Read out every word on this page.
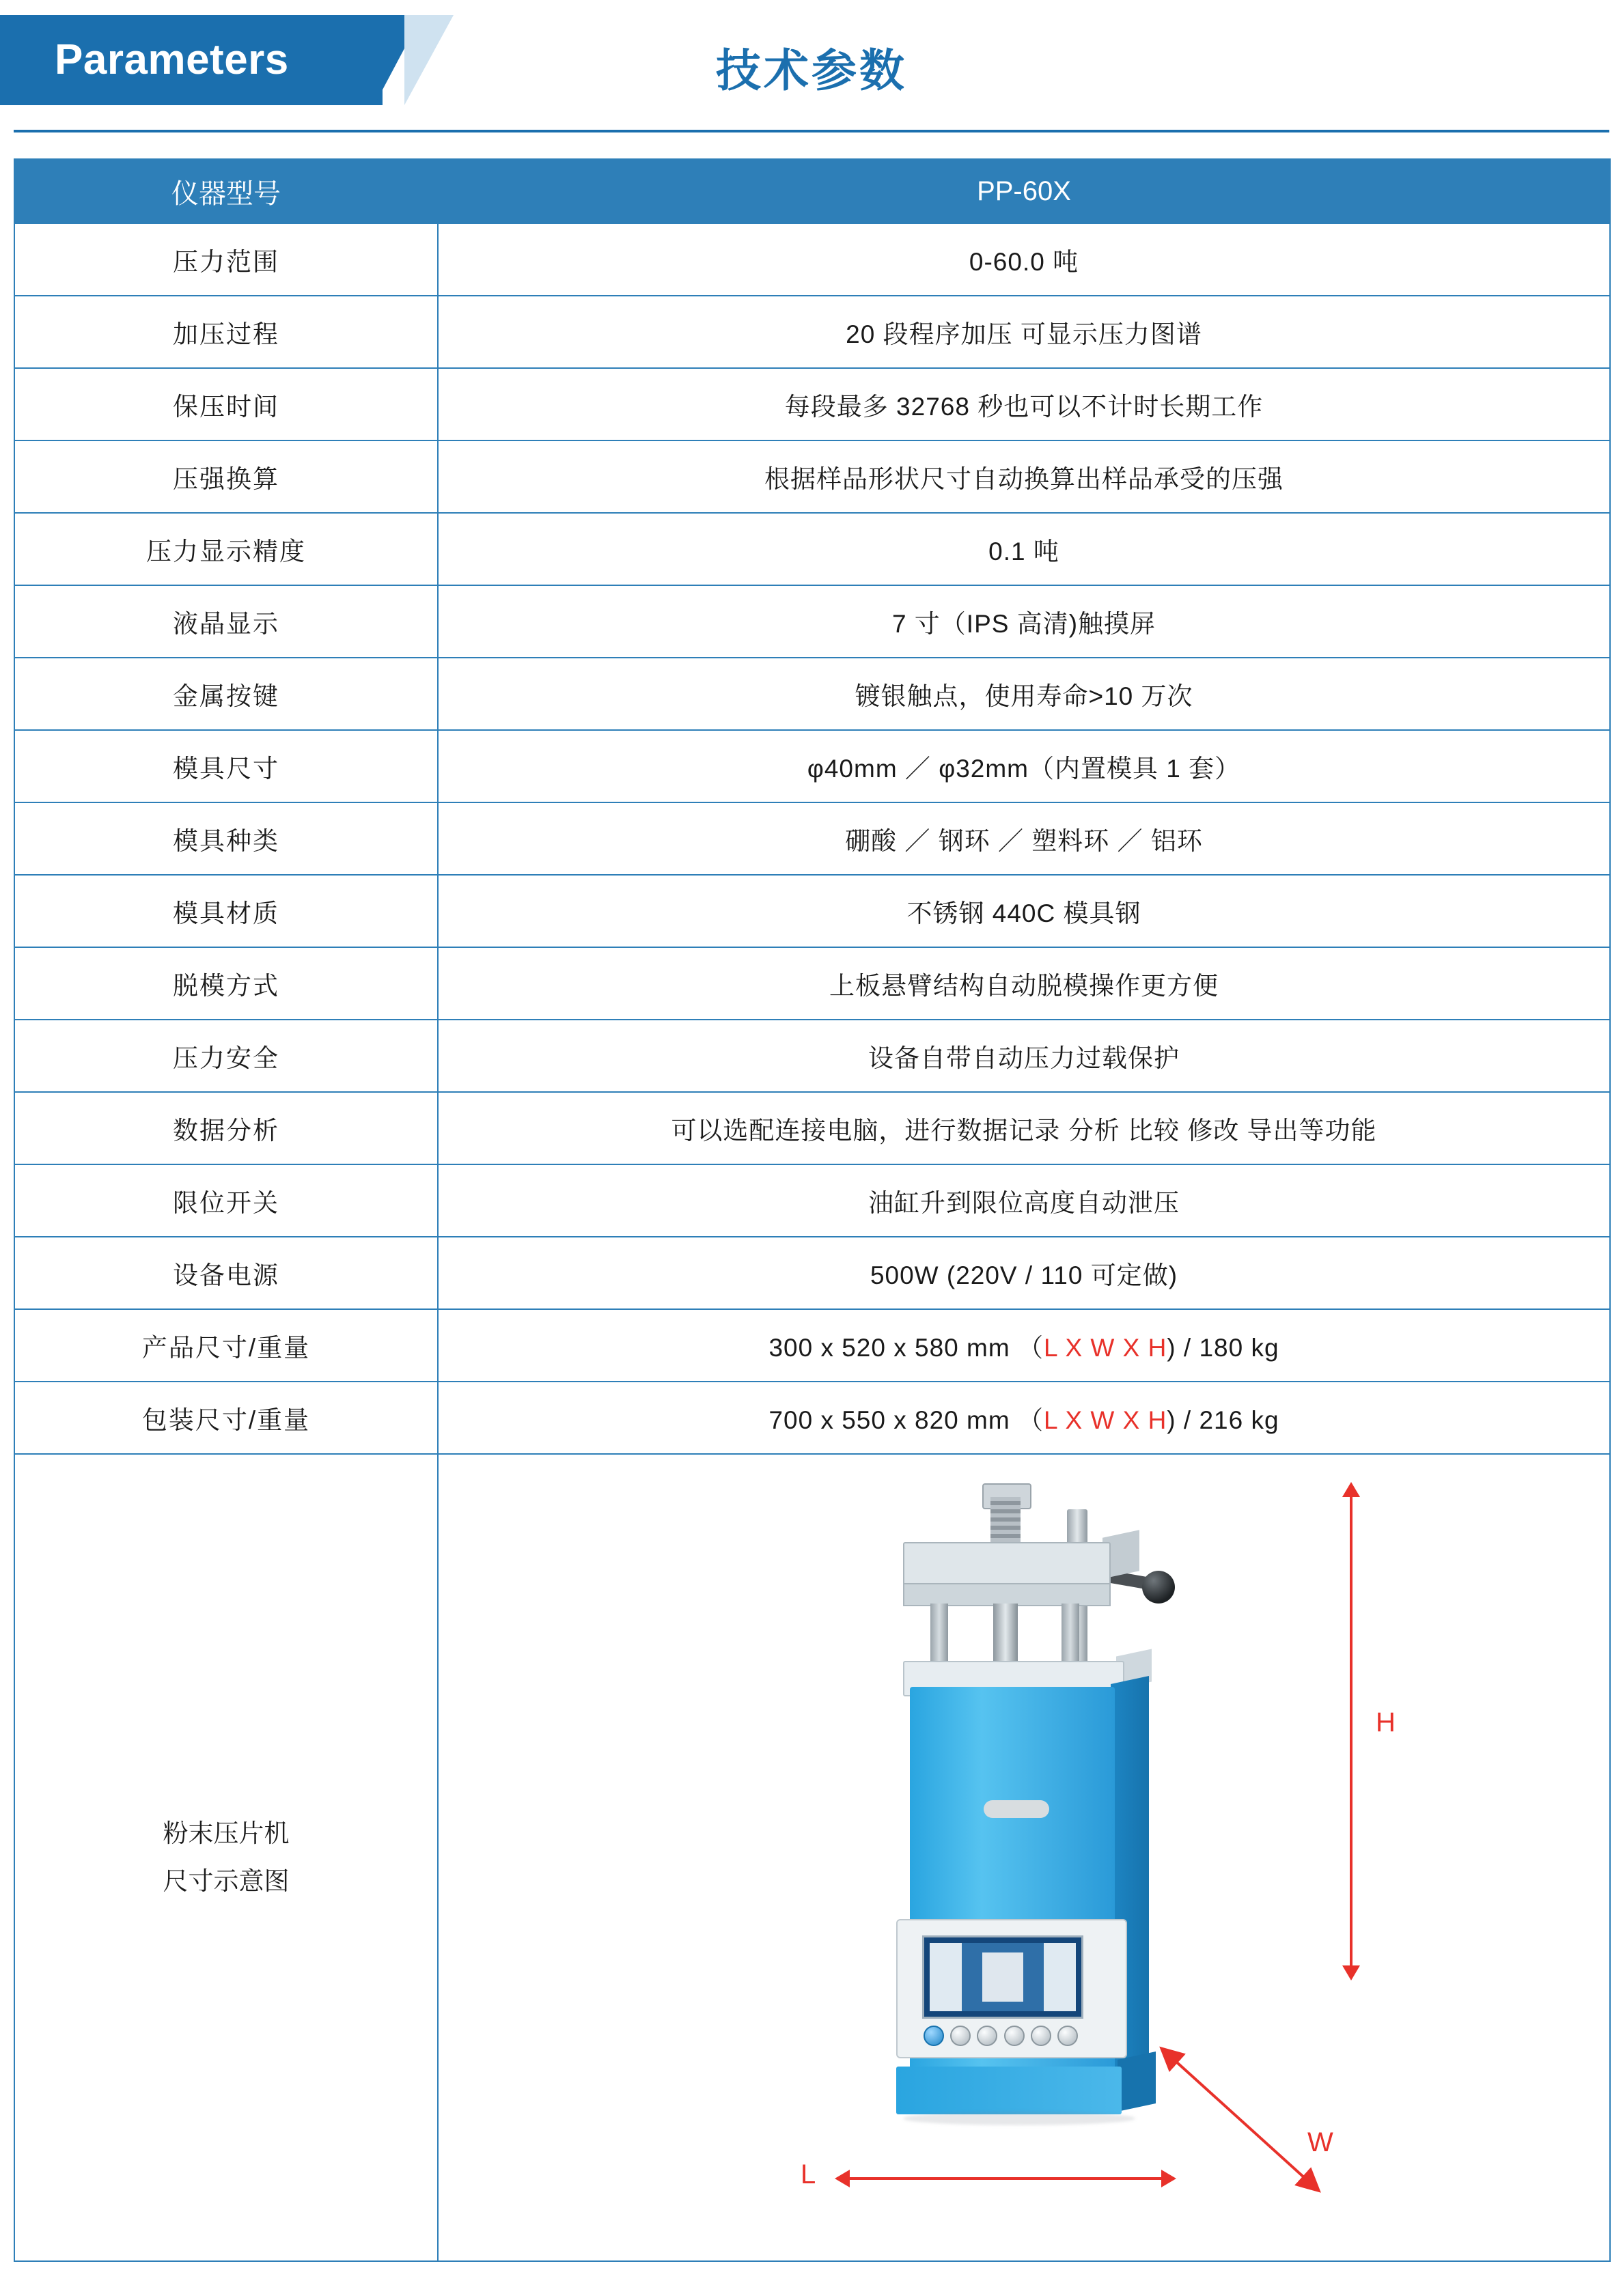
Parameters	技术参数
仪器型号	PP-60X
压力范围	0-60.0 吨
加压过程	20 段程序加压 可显示压力图谱
保压时间	每段最多 32768 秒也可以不计时长期工作
压强换算	根据样品形状尺寸自动换算出样品承受的压强
压力显示精度	0.1 吨
液晶显示	7 寸（IPS 高清)触摸屏
金属按键	镀银触点，使用寿命>10 万次
模具尺寸	φ40mm ／ φ32mm（内置模具 1 套）
模具种类	硼酸 ／ 钢环 ／ 塑料环 ／ 铝环
模具材质	不锈钢 440C 模具钢
脱模方式	上板悬臂结构自动脱模操作更方便
压力安全	设备自带自动压力过载保护
数据分析	可以选配连接电脑，进行数据记录 分析 比较 修改 导出等功能
限位开关	油缸升到限位高度自动泄压
设备电源	500W (220V / 110 可定做)
产品尺寸/重量	300 x 520 x 580 mm （L X W X H) / 180 kg
包装尺寸/重量	700 x 550 x 820 mm （L X W X H) / 216 kg

粉末压片机
尺寸示意图

H
L
W
